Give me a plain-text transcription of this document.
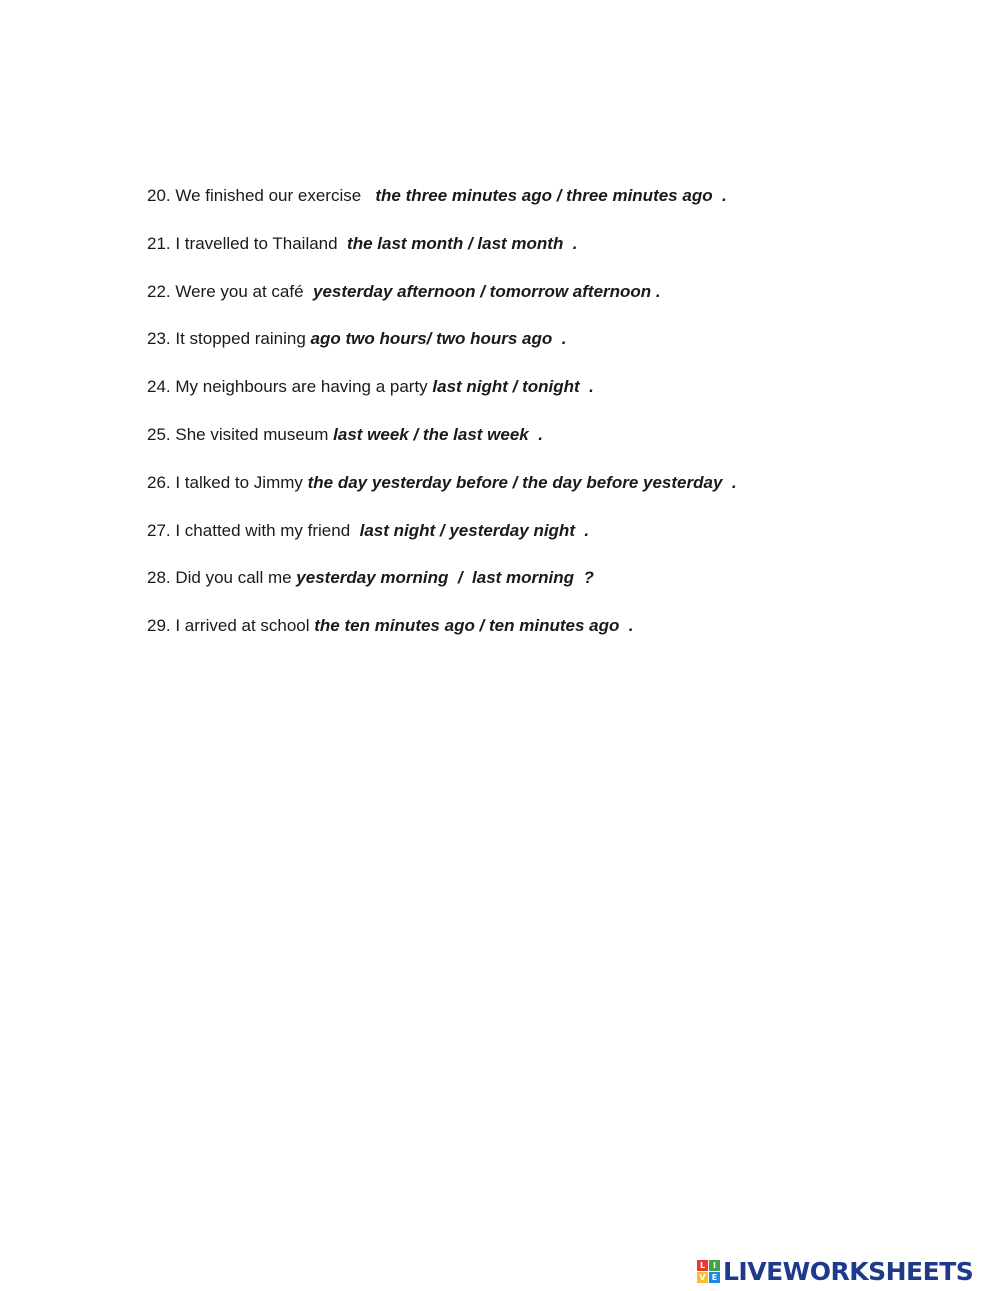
20. We finished our exercise   the three minutes ago / three minutes ago  .
21. I travelled to Thailand  the last month / last month  .
22. Were you at café  yesterday afternoon / tomorrow afternoon .
23. It stopped raining ago two hours/ two hours ago  .
24. My neighbours are having a party last night / tonight  .
25. She visited museum last week / the last week  .
26. I talked to Jimmy the day yesterday before / the day before yesterday  .
27. I chatted with my friend  last night / yesterday night  .
28. Did you call me yesterday morning  /  last morning  ?
29. I arrived at school the ten minutes ago / ten minutes ago  .
L I
V E LIVEWORKSHEETS
